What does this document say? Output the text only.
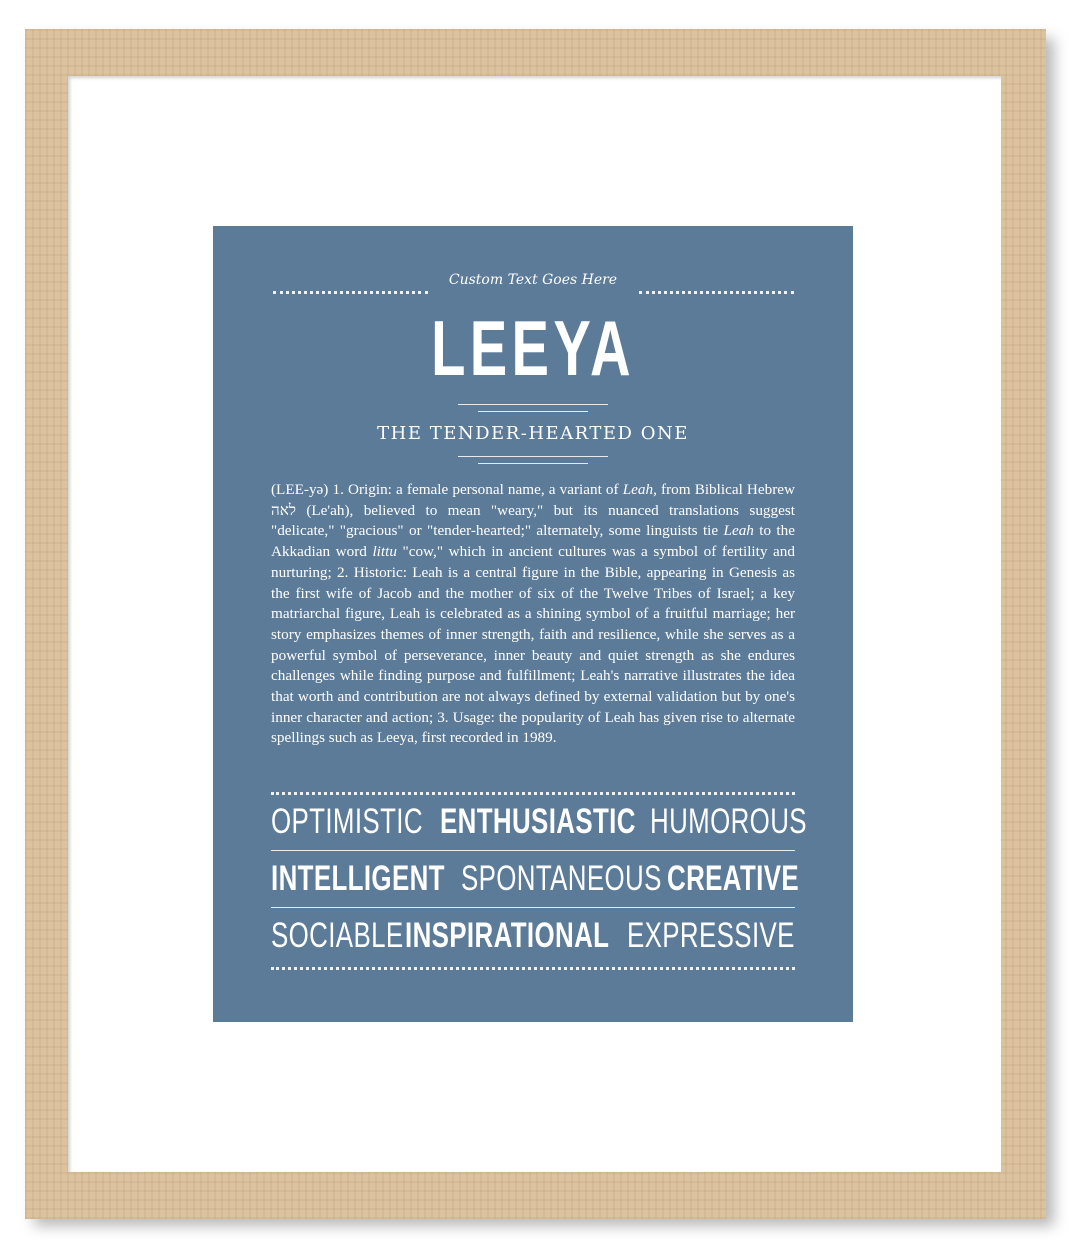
Custom Text Goes Here
LEEYA
THE TENDER-HEARTED ONE
(LEE-yə) 1. Origin: a female personal name, a variant of Leah, from Biblical Hebrew לאה (Le'ah), believed to mean "weary," but its nuanced translations suggest "delicate," "gracious" or "tender-hearted;" alternately, some linguists tie Leah to the Akkadian word littu "cow," which in ancient cultures was a symbol of fertility and nurturing; 2. Historic: Leah is a central figure in the Bible, appearing in Genesis as the first wife of Jacob and the mother of six of the Twelve Tribes of Israel; a key matriarchal figure, Leah is celebrated as a shining symbol of a fruitful marriage; her story emphasizes themes of inner strength, faith and resilience, while she serves as a powerful symbol of perseverance, inner beauty and quiet strength as she endures challenges while finding purpose and fulfillment; Leah's narrative illustrates the idea that worth and contribution are not always defined by external validation but by one's inner character and action; 3. Usage: the popularity of Leah has given rise to alternate spellings such as Leeya, first recorded in 1989.
OPTIMISTIC ENTHUSIASTIC HUMOROUS
INTELLIGENT SPONTANEOUS CREATIVE
SOCIABLE INSPIRATIONAL EXPRESSIVE
